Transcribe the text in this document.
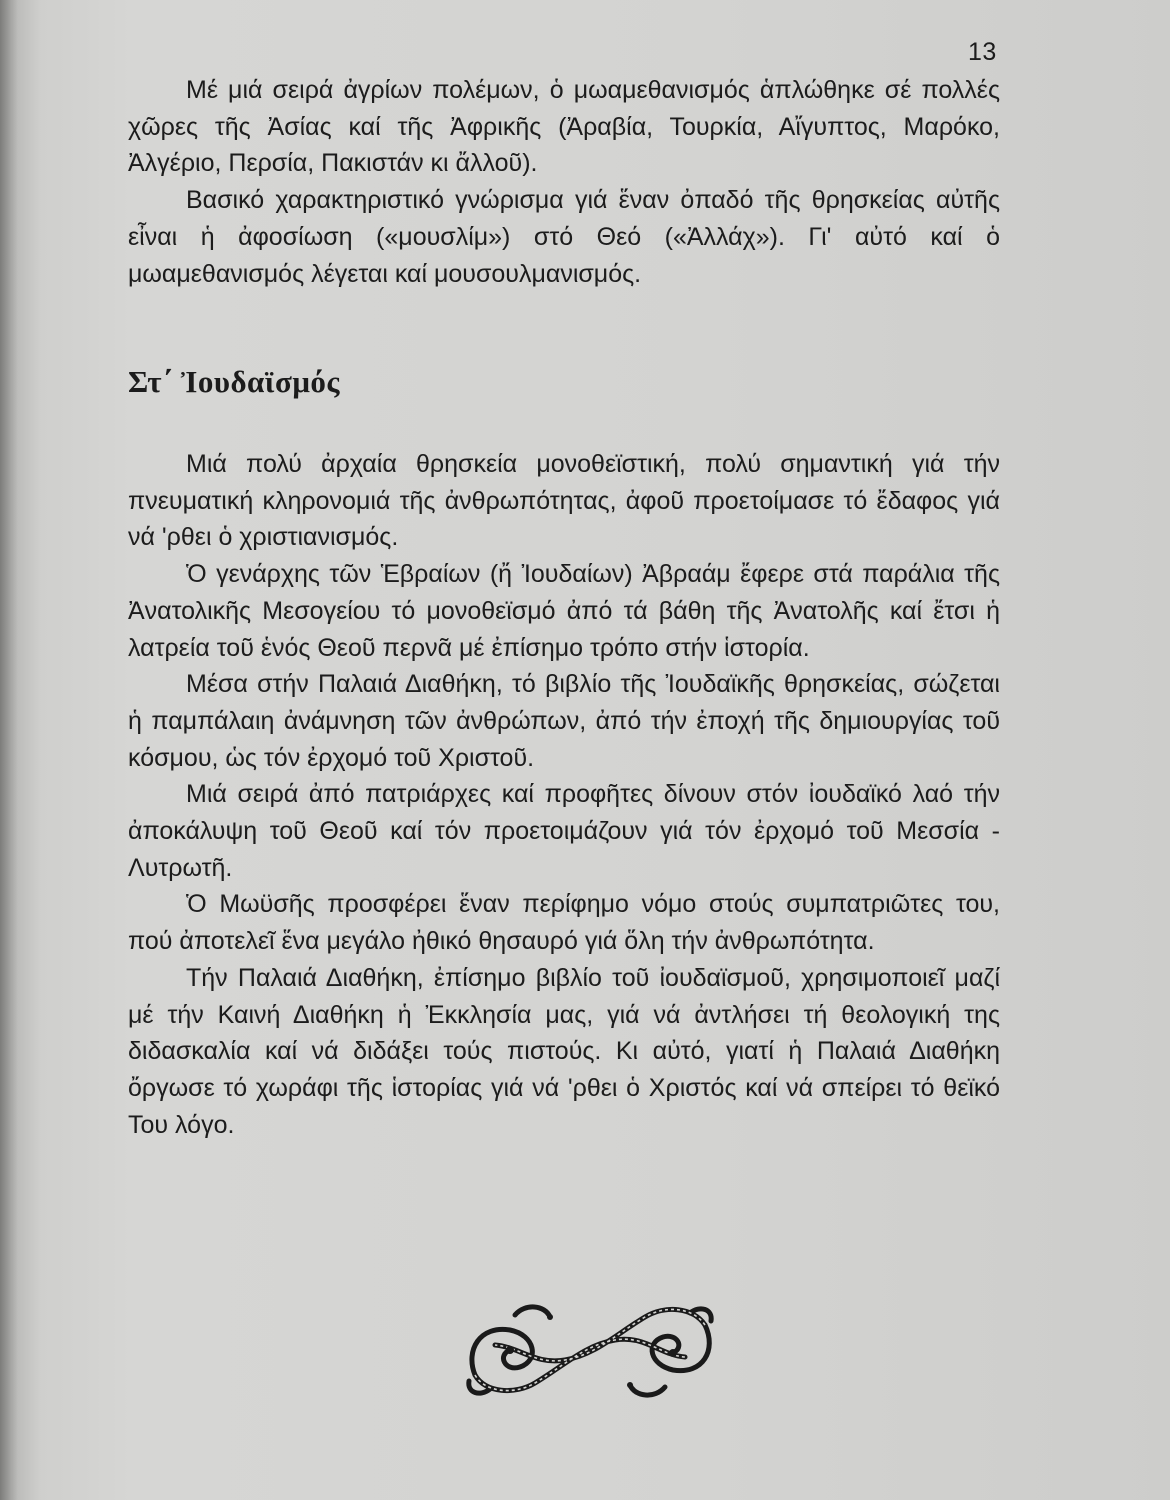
13

Μέ μιά σειρά ἀγρίων πολέμων, ὁ μωαμεθανισμός ἁπλώθηκε σέ πολλές χῶρες τῆς Ἀσίας καί τῆς Ἀφρικῆς (Ἀραβία, Τουρκία, Αἴγυπτος, Μαρόκο, Ἀλγέριο, Περσία, Πακιστάν κι ἄλλοῦ).

Βασικό χαρακτηριστικό γνώρισμα γιά ἕναν ὀπαδό τῆς θρησκείας αὐτῆς εἶναι ἡ ἀφοσίωση («μουσλίμ») στό Θεό («Ἀλλάχ»). Γι' αὐτό καί ὁ μωαμεθανισμός λέγεται καί μουσουλμανισμός.

Στ΄ Ἰουδαϊσμός

Μιά πολύ ἀρχαία θρησκεία μονοθεϊστική, πολύ σημαντική γιά τήν πνευματική κληρονομιά τῆς ἀνθρωπότητας, ἀφοῦ προετοίμασε τό ἔδαφος γιά νά 'ρθει ὁ χριστιανισμός.

Ὁ γενάρχης τῶν Ἑβραίων (ἤ Ἰουδαίων) Ἀβραάμ ἔφερε στά παράλια τῆς Ἀνατολικῆς Μεσογείου τό μονοθεϊσμό ἀπό τά βάθη τῆς Ἀνατολῆς καί ἔτσι ἡ λατρεία τοῦ ἑνός Θεοῦ περνᾶ μέ ἐπίσημο τρόπο στήν ἱστορία.

Μέσα στήν Παλαιά Διαθήκη, τό βιβλίο τῆς Ἰουδαϊκῆς θρησκείας, σώζεται ἡ παμπάλαιη ἀνάμνηση τῶν ἀνθρώπων, ἀπό τήν ἐποχή τῆς δημιουργίας τοῦ κόσμου, ὡς τόν ἐρχομό τοῦ Χριστοῦ.

Μιά σειρά ἀπό πατριάρχες καί προφῆτες δίνουν στόν ἰουδαϊκό λαό τήν ἀποκάλυψη τοῦ Θεοῦ καί τόν προετοιμάζουν γιά τόν ἐρχομό τοῦ Μεσσία - Λυτρωτῆ.

Ὁ Μωϋσῆς προσφέρει ἕναν περίφημο νόμο στούς συμπατριῶτες του, πού ἀποτελεῖ ἕνα μεγάλο ἠθικό θησαυρό γιά ὅλη τήν ἀνθρωπότητα.

Τήν Παλαιά Διαθήκη, ἐπίσημο βιβλίο τοῦ ἰουδαϊσμοῦ, χρησιμοποιεῖ μαζί μέ τήν Καινή Διαθήκη ἡ Ἐκκλησία μας, γιά νά ἀντλήσει τή θεολογική της διδασκαλία καί νά διδάξει τούς πιστούς. Κι αὐτό, γιατί ἡ Παλαιά Διαθήκη ὄργωσε τό χωράφι τῆς ἱστορίας γιά νά 'ρθει ὁ Χριστός καί νά σπείρει τό θεϊκό Του λόγο.
